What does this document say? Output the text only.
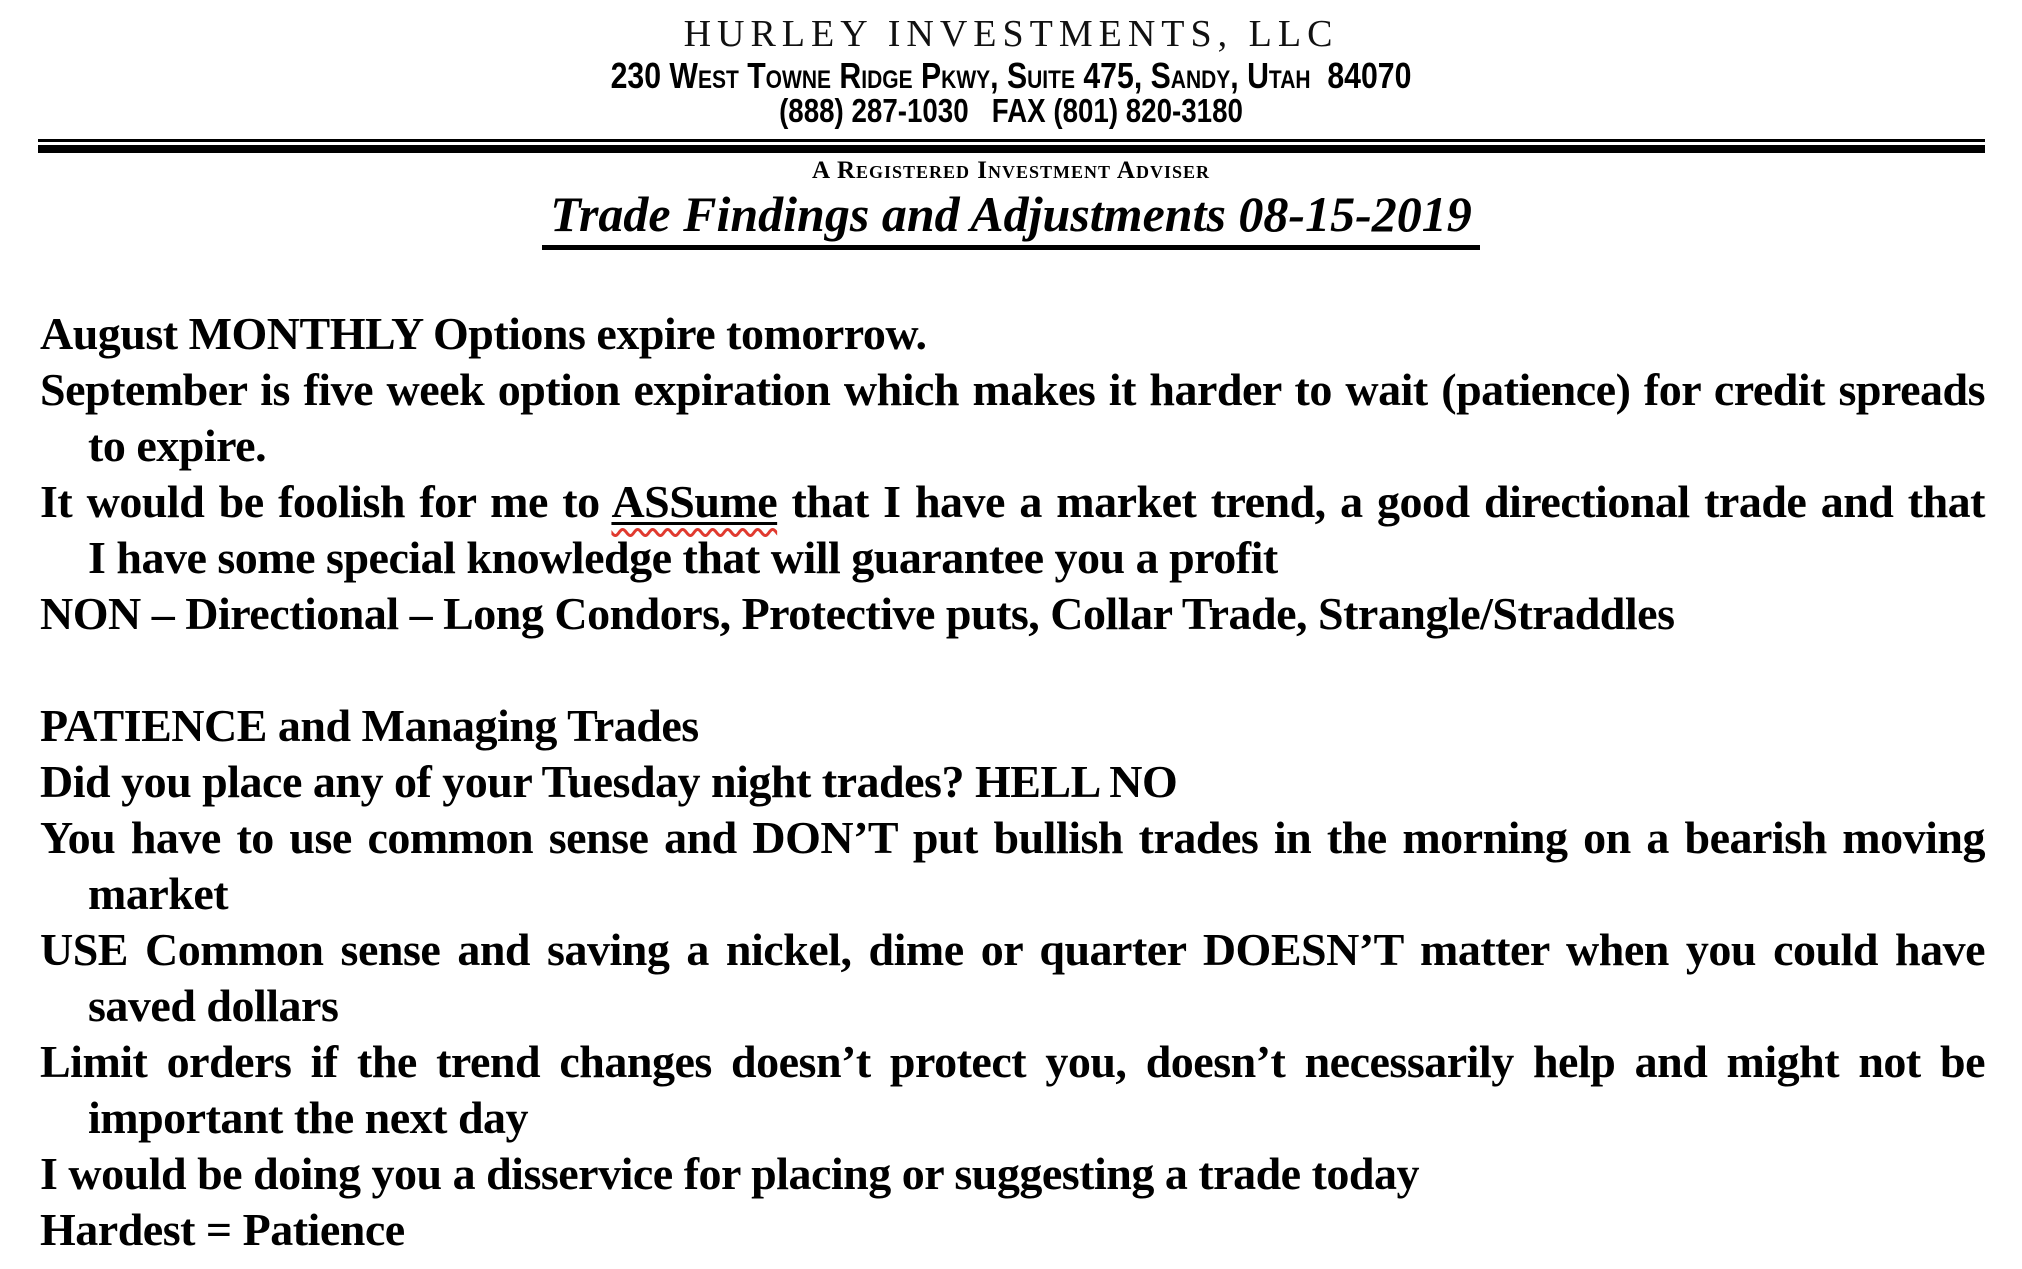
HURLEY INVESTMENTS, LLC
230 West Towne Ridge Pkwy, Suite 475, Sandy, Utah  84070
(888) 287-1030   FAX (801) 820-3180
A Registered Investment Adviser
Trade Findings and Adjustments 08-15-2019
August MONTHLY Options expire tomorrow.
September is five week option expiration which makes it harder to wait (patience) for credit spreads
to expire.
It would be foolish for me to ASSume that I have a market trend, a good directional trade and that
I have some special knowledge that will guarantee you a profit
NON – Directional – Long Condors, Protective puts, Collar Trade, Strangle/Straddles
PATIENCE and Managing Trades
Did you place any of your Tuesday night trades? HELL NO
You have to use common sense and DON’T put bullish trades in the morning on a bearish moving
market
USE Common sense and saving a nickel, dime or quarter DOESN’T matter when you could have
saved dollars
Limit orders if the trend changes doesn’t protect you, doesn’t necessarily help and might not be
important the next day
I would be doing you a disservice for placing or suggesting a trade today
Hardest = Patience
